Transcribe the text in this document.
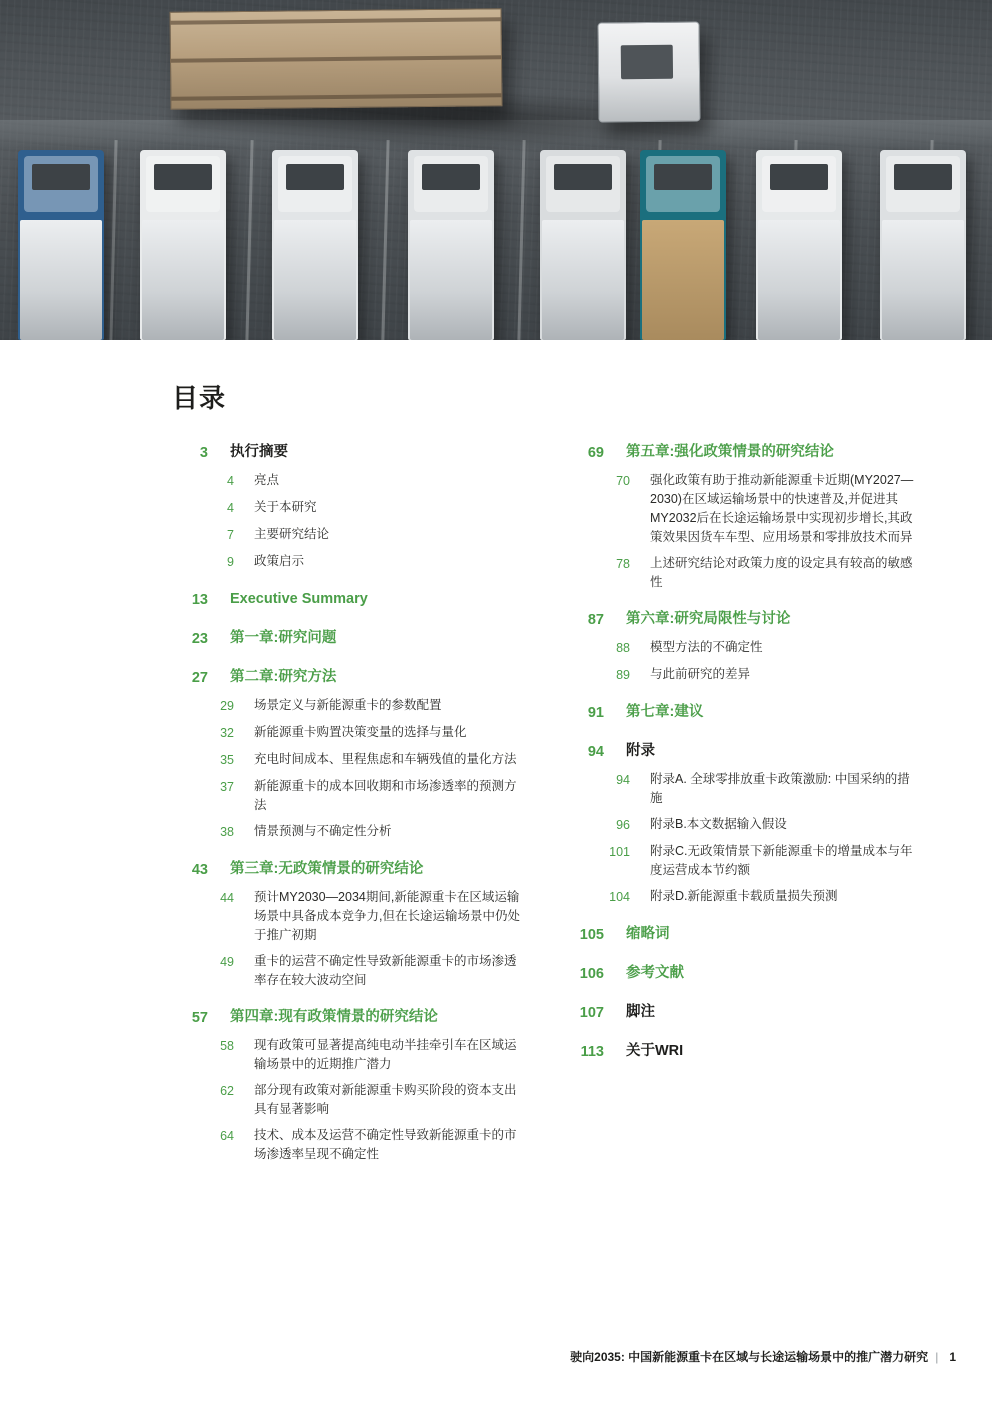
目录
3 执行摘要
4 亮点
4 关于本研究
7 主要研究结论
9 政策启示
13 Executive Summary
23 第一章:研究问题
27 第二章:研究方法
29 场景定义与新能源重卡的参数配置
32 新能源重卡购置决策变量的选择与量化
35 充电时间成本、里程焦虑和车辆残值的量化方法
37 新能源重卡的成本回收期和市场渗透率的预测方法
38 情景预测与不确定性分析
43 第三章:无政策情景的研究结论
44 预计MY2030—2034期间,新能源重卡在区域运输场景中具备成本竞争力,但在长途运输场景中仍处于推广初期
49 重卡的运营不确定性导致新能源重卡的市场渗透率存在较大波动空间
57 第四章:现有政策情景的研究结论
58 现有政策可显著提高纯电动半挂牵引车在区域运输场景中的近期推广潜力
62 部分现有政策对新能源重卡购买阶段的资本支出具有显著影响
64 技术、成本及运营不确定性导致新能源重卡的市场渗透率呈现不确定性
69 第五章:强化政策情景的研究结论
70 强化政策有助于推动新能源重卡近期(MY2027—2030)在区域运输场景中的快速普及,并促进其MY2032后在长途运输场景中实现初步增长,其政策效果因货车车型、应用场景和零排放技术而异
78 上述研究结论对政策力度的设定具有较高的敏感性
87 第六章:研究局限性与讨论
88 模型方法的不确定性
89 与此前研究的差异
91 第七章:建议
94 附录
94 附录A. 全球零排放重卡政策激励: 中国采纳的措施
96 附录B.本文数据输入假设
101 附录C.无政策情景下新能源重卡的增量成本与年度运营成本节约额
104 附录D.新能源重卡载质量损失预测
105 缩略词
106 参考文献
107 脚注
113 关于WRI
驶向2035: 中国新能源重卡在区域与长途运输场景中的推广潜力研究 | 1
